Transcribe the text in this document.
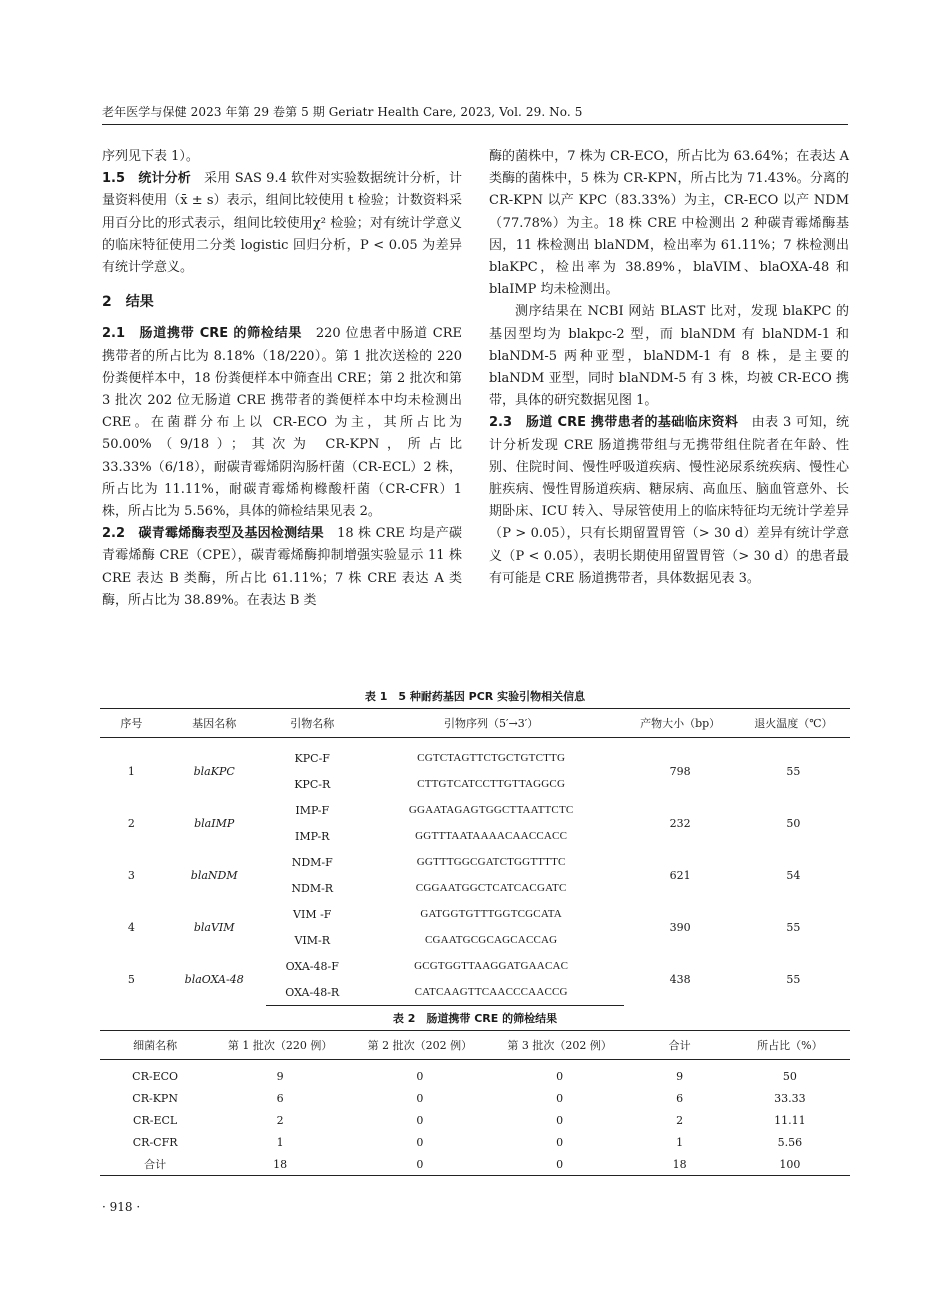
老年医学与保健 2023 年第 29 卷第 5 期 Geriatr Health Care, 2023, Vol. 29. No. 5

序列见下表 1）。

1.5　统计分析　 采用 SAS 9.4 软件对实验数据统计分析，计量资料使用（x̄ ± s）表示，组间比较使用 t 检验；计数资料采用百分比的形式表示，组间比较使用χ² 检验；对有统计学意义的临床特征使用二分类 logistic 回归分析，P < 0.05 为差异有统计学意义。

2　结果

2.1　肠道携带 CRE 的筛检结果　 220 位患者中肠道 CRE 携带者的所占比为 8.18%（18/220）。第 1 批次送检的 220 份粪便样本中，18 份粪便样本中筛查出 CRE；第 2 批次和第 3 批次 202 位无肠道 CRE 携带者的粪便样本中均未检测出 CRE。在菌群分布上以 CR-ECO 为主，其所占比为 50.00%（9/18）；其次为 CR-KPN，所占比 33.33%（6/18），耐碳青霉烯阴沟肠杆菌（CR-ECL）2 株，所占比为 11.11%，耐碳青霉烯枸橼酸杆菌（CR-CFR）1 株，所占比为 5.56%，具体的筛检结果见表 2。

2.2　碳青霉烯酶表型及基因检测结果　 18 株 CRE 均是产碳青霉烯酶 CRE（CPE），碳青霉烯酶抑制增强实验显示 11 株 CRE 表达 B 类酶，所占比 61.11%；7 株 CRE 表达 A 类酶，所占比为 38.89%。在表达 B 类

酶的菌株中，7 株为 CR-ECO，所占比为 63.64%；在表达 A 类酶的菌株中，5 株为 CR-KPN，所占比为 71.43%。分离的 CR-KPN 以产 KPC（83.33%）为主，CR-ECO 以产 NDM（77.78%）为主。18 株 CRE 中检测出 2 种碳青霉烯酶基因，11 株检测出 blaNDM，检出率为 61.11%；7 株检测出 blaKPC，检出率为 38.89%，blaVIM、blaOXA-48 和 blaIMP 均未检测出。

测序结果在 NCBI 网站 BLAST 比对，发现 blaKPC 的基因型均为 blakpc-2 型，而 blaNDM 有 blaNDM-1 和 blaNDM-5 两种亚型，blaNDM-1 有 8 株，是主要的 blaNDM 亚型，同时 blaNDM-5 有 3 株，均被 CR-ECO 携带，具体的研究数据见图 1。

2.3　肠道 CRE 携带患者的基础临床资料　 由表 3 可知，统计分析发现 CRE 肠道携带组与无携带组住院者在年龄、性别、住院时间、慢性呼吸道疾病、慢性泌尿系统疾病、慢性心脏疾病、慢性胃肠道疾病、糖尿病、高血压、脑血管意外、长期卧床、ICU 转入、导尿管使用上的临床特征均无统计学差异（P > 0.05），只有长期留置胃管（> 30 d）差异有统计学意义（P < 0.05），表明长期使用留置胃管（> 30 d）的患者最有可能是 CRE 肠道携带者，具体数据见表 3。

表 1　5 种耐药基因 PCR 实验引物相关信息
序号	基因名称	引物名称	引物序列（5′→3′）	产物大小（bp）	退火温度（℃）
1	blaKPC	KPC-F	CGTCTAGTTCTGCTGTCTTG	798	55
		KPC-R	CTTGTCATCCTTGTTAGGCG		
2	blaIMP	IMP-F	GGAATAGAGTGGCTTAATTCTC	232	50
		IMP-R	GGTTTAATAAAACAACCACC		
3	blaNDM	NDM-F	GGTTTGGCGATCTGGTTTTC	621	54
		NDM-R	CGGAATGGCTCATCACGATC		
4	blaVIM	VIM -F	GATGGTGTTTGGTCGCATA	390	55
		VIM-R	CGAATGCGCAGCACCAG		
5	blaOXA-48	OXA-48-F	GCGTGGTTAAGGATGAACAC	438	55
		OXA-48-R	CATCAAGTTCAACCCAACCG		
表 2　肠道携带 CRE 的筛检结果
细菌名称	第 1 批次（220 例）	第 2 批次（202 例）	第 3 批次（202 例）	合计	所占比（%）
CR-ECO	9	0	0	9	50
CR-KPN	6	0	0	6	33.33
CR-ECL	2	0	0	2	11.11
CR-CFR	1	0	0	1	5.56
合计	18	0	0	18	100
· 918 ·
